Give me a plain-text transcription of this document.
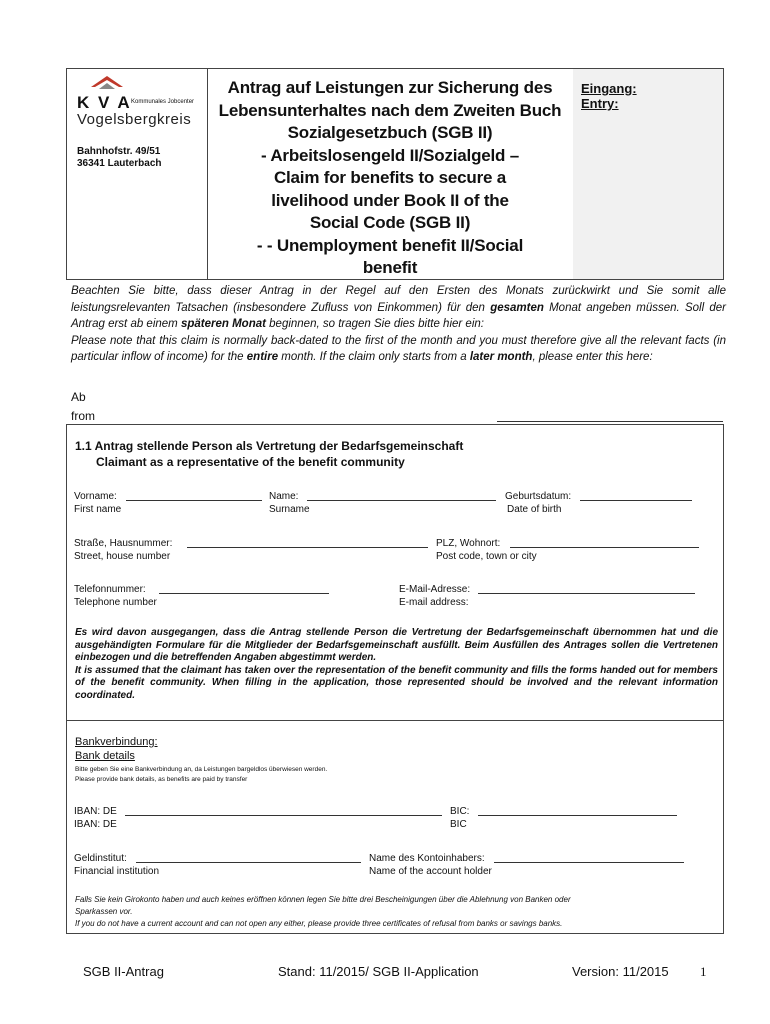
K V A Kommunales Jobcenter
Vogelsbergkreis
Bahnhofstr. 49/51
36341 Lauterbach
Antrag auf Leistungen zur Sicherung des
Lebensunterhaltes nach dem Zweiten Buch
Sozialgesetzbuch (SGB II)
- Arbeitslosengeld II/Sozialgeld –
Claim for benefits to secure a
livelihood under Book II of the
Social Code (SGB II)
- - Unemployment benefit II/Social
benefit
Eingang:
Entry:

Beachten Sie bitte, dass dieser Antrag in der Regel auf den Ersten des Monats zurückwirkt und Sie somit alle leistungsrelevanten Tatsachen (insbesondere Zufluss von Einkommen) für den gesamten Monat angeben müssen. Soll der Antrag erst ab einem späteren Monat beginnen, so tragen Sie dies bitte hier ein:

Please note that this claim is normally back-dated to the first of the month and you must therefore give all the relevant facts (in particular inflow of income) for the entire month. If the claim only starts from a later month, please enter this here:

Ab
from
1.1 Antrag stellende Person als Vertretung der Bedarfsgemeinschaft
Claimant as a representative of the benefit community
Vorname:
First name
Name:
Surname
Geburtsdatum:
Date of birth
Straße, Hausnummer:
Street, house number
PLZ, Wohnort:
Post code, town or city
Telefonnummer:
Telephone number
E-Mail-Adresse:
E-mail address:
Es wird davon ausgegangen, dass die Antrag stellende Person die Vertretung der Bedarfsgemeinschaft übernommen hat und die ausgehändigten Formulare für die Mitglieder der Bedarfsgemeinschaft ausfüllt. Beim Ausfüllen des Antrages sollen die Vertretenen einbezogen und die betreffenden Angaben abgestimmt werden.
It is assumed that the claimant has taken over the representation of the benefit community and fills the forms handed out for members of the benefit community. When filling in the application, those represented should be involved and the relevant information coordinated.
Bankverbindung:
Bank details
Bitte geben Sie eine Bankverbindung an, da Leistungen bargeldlos überwiesen werden.
Please provide bank details, as benefits are paid by transfer
IBAN: DE
IBAN: DE
BIC:
BIC
Geldinstitut:
Financial institution
Name des Kontoinhabers:
Name of the account holder
Falls Sie kein Girokonto haben und auch keines eröffnen können legen Sie bitte drei Bescheinigungen über die Ablehnung von Banken oder
Sparkassen vor.
If you do not have a current account and can not open any either, please provide three certificates of refusal from banks or savings banks.
SGB II-Antrag	Stand: 11/2015/ SGB II-Application	Version: 11/2015 1
